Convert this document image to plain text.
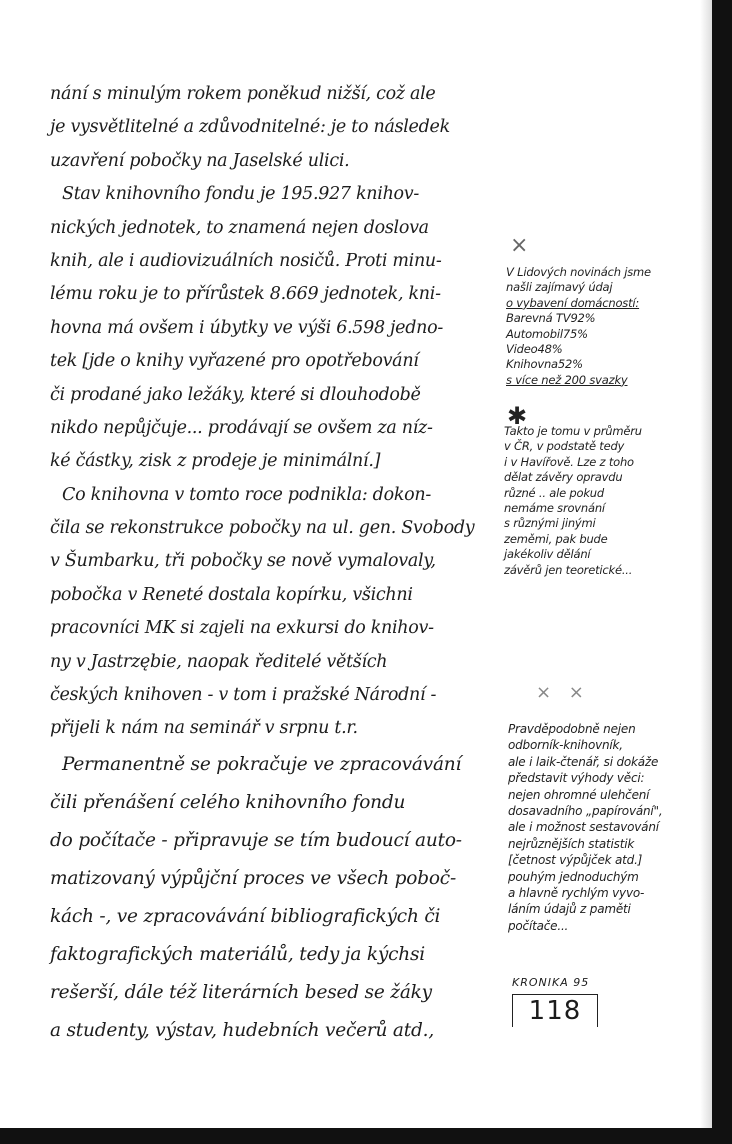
nání s minulým rokem poněkud nižší, což ale
je vysvětlitelné a zdůvodnitelné: je to následek
uzavření pobočky na Jaselské ulici.
Stav knihovního fondu je 195.927 knihov-
nických jednotek, to znamená nejen doslova
knih, ale i audiovizuálních nosičů. Proti minu-
lému roku je to přírůstek 8.669 jednotek, kni-
hovna má ovšem i úbytky ve výši 6.598 jedno-
tek [jde o knihy vyřazené pro opotřebování
či prodané jako ležáky, které si dlouhodobě
nikdo nepůjčuje... prodávají se ovšem za níz-
ké částky, zisk z prodeje je minimální.]
Co knihovna v tomto roce podnikla: dokon-
čila se rekonstrukce pobočky na ul. gen. Svobody
v Šumbarku, tři pobočky se nově vymalovaly,
pobočka v Reneté dostala kopírku, všichni
pracovníci MK si zajeli na exkursi do knihov-
ny v Jastrzębie, naopak ředitelé větších
českých knihoven - v tom i pražské Národní -
přijeli k nám na seminář v srpnu t.r.
Permanentně se pokračuje ve zpracovávání
čili přenášení celého knihovního fondu
do počítače - připravuje se tím budoucí auto-
matizovaný výpůjční proces ve všech poboč-
kách -, ve zpracovávání bibliografických či
faktografických materiálů, tedy ja kýchsi
rešerší, dále též literárních besed se žáky
a studenty, výstav, hudebních večerů atd.,
×
V Lidových novinách jsme
našli zajímavý údaj
o vybavení domácností:
Barevná TV92%
Automobil75%
Video48%
Knihovna52%
s více než 200 svazky
✱
Takto je tomu v průměru
v ČR, v podstatě tedy
i v Havířově. Lze z toho
dělat závěry opravdu
různé .. ale pokud
nemáme srovnání
s různými jinými
zeměmi, pak bude
jakékoliv dělání
závěrů jen teoretické...
× ×
Pravděpodobně nejen
odborník-knihovník,
ale i laik-čtenář, si dokáže
představit výhody věci:
nejen ohromné ulehčení
dosavadního „papírování",
ale i možnost sestavování
nejrůznějších statistik
[četnost výpůjček atd.]
pouhým jednoduchým
a hlavně rychlým vyvo-
láním údajů z paměti
počítače...
KRONIKA 95
118
